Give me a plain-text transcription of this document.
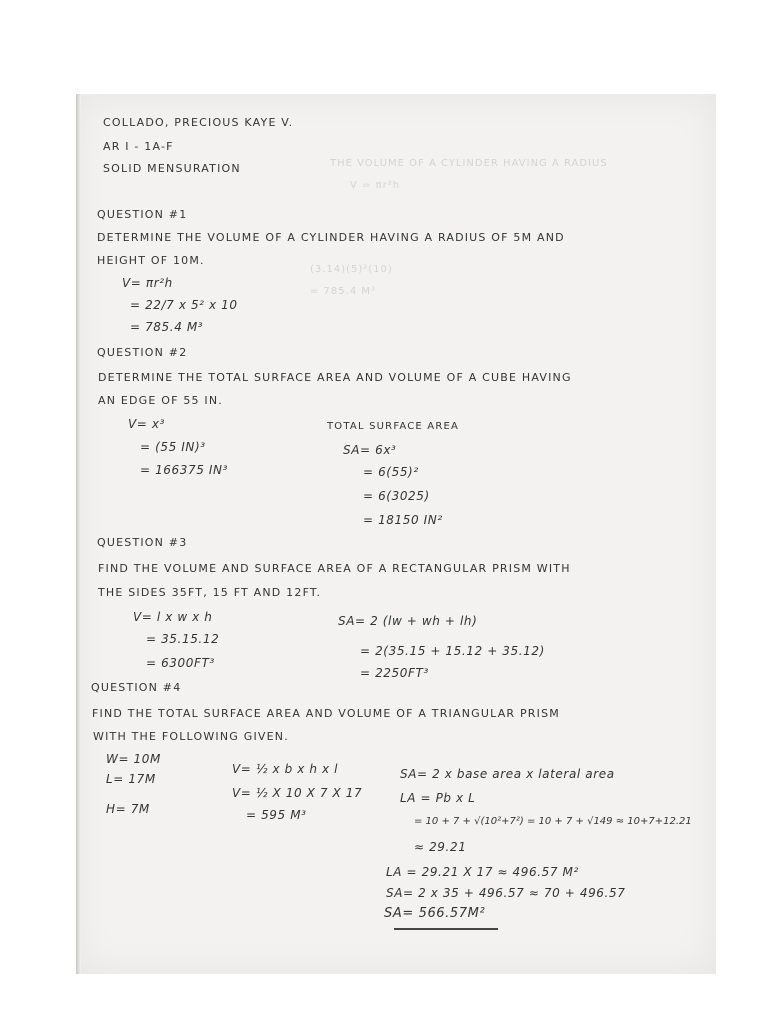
THE VOLUME OF A CYLINDER HAVING A RADIUS
V = πr²h
(3.14)(5)²(10)
= 785.4 M³
COLLADO, PRECIOUS KAYE V.
AR I - 1A-F
SOLID MENSURATION
QUESTION #1
DETERMINE THE VOLUME OF A CYLINDER HAVING A RADIUS OF 5M AND
HEIGHT OF 10M.
V= πr²h
= 22/7 x 5² x 10
= 785.4 M³
QUESTION #2
DETERMINE THE TOTAL SURFACE AREA AND VOLUME OF A CUBE HAVING
AN EDGE OF 55 IN.
V= x³
= (55 IN)³
= 166375 IN³
TOTAL SURFACE AREA
SA= 6x³
= 6(55)²
= 6(3025)
= 18150 IN²
QUESTION #3
FIND THE VOLUME AND SURFACE AREA OF A RECTANGULAR PRISM WITH
THE SIDES 35FT, 15 FT AND 12FT.
V= l x w x h
= 35.15.12
= 6300FT³
SA= 2 (lw + wh + lh)
= 2(35.15 + 15.12 + 35.12)
= 2250FT³
QUESTION #4
FIND THE TOTAL SURFACE AREA AND VOLUME OF A TRIANGULAR PRISM
WITH THE FOLLOWING GIVEN.
W= 10M
L= 17M
H= 7M
V= ½ x b x h x l
V= ½ X 10 X 7 X 17
= 595 M³
SA= 2 x base area x lateral area
LA = Pb x L
= 10 + 7 + √(10²+7²) = 10 + 7 + √149 ≈ 10+7+12.21
≈ 29.21
LA = 29.21 X 17 ≈ 496.57 M²
SA= 2 x 35 + 496.57 ≈ 70 + 496.57
SA= 566.57M²
